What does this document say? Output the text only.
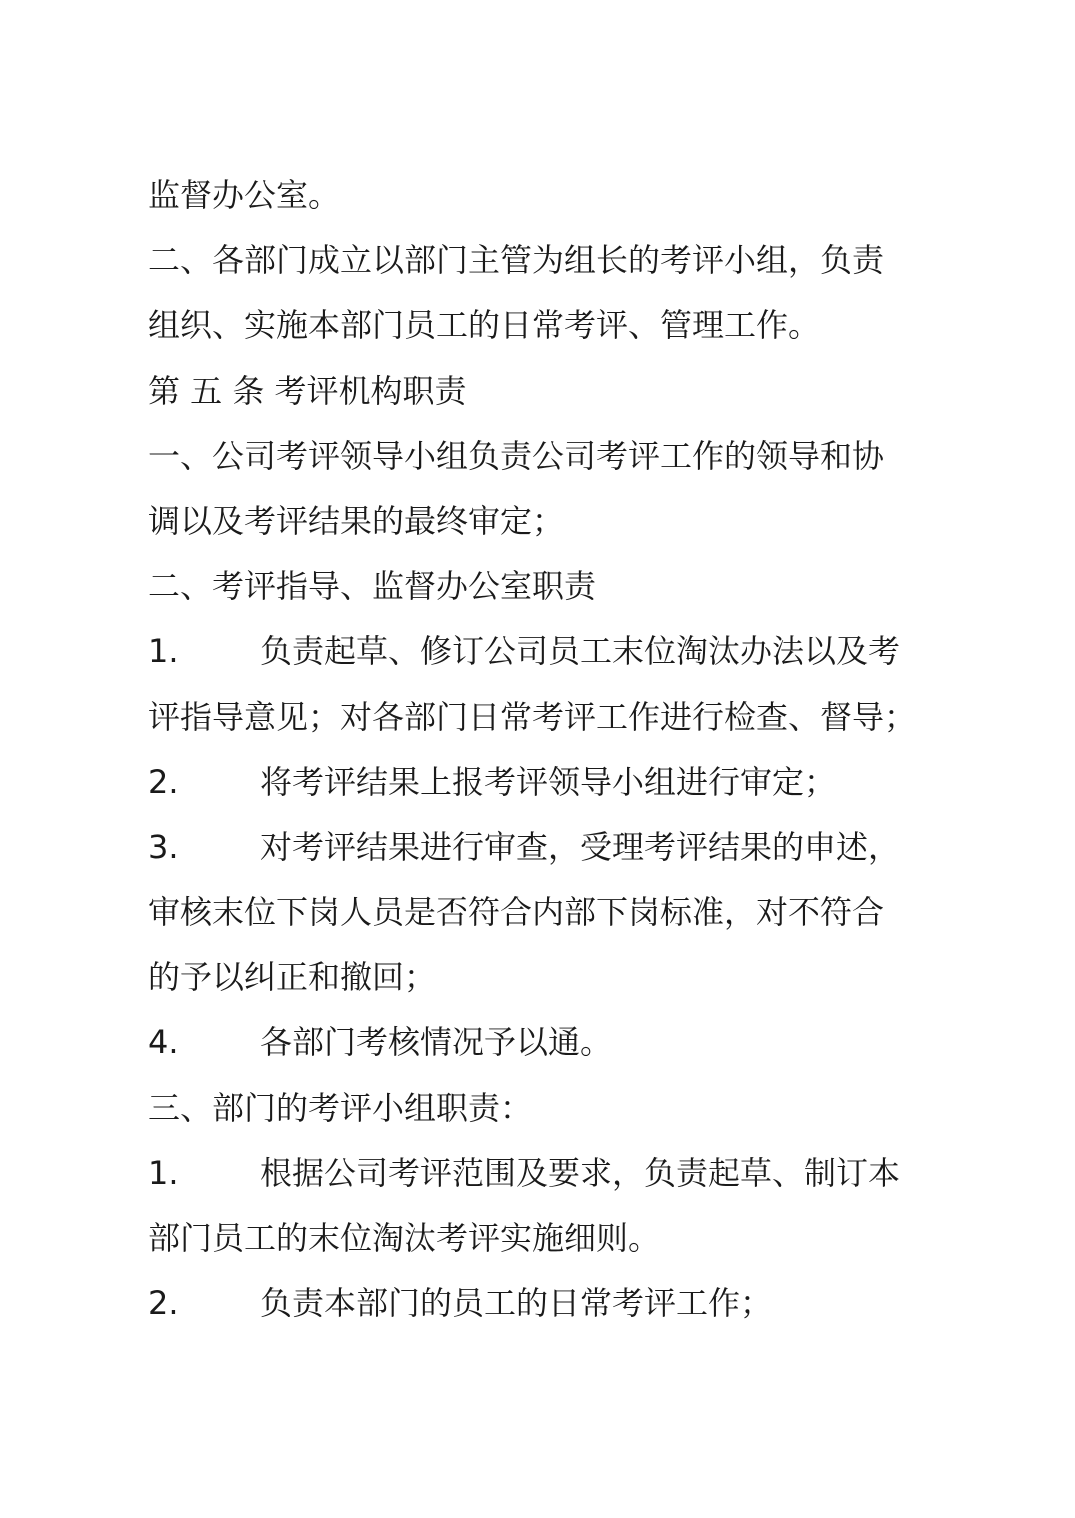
监督办公室。
二、各部门成立以部门主管为组长的考评小组，负责
组织、实施本部门员工的日常考评、管理工作。
第 五 条 考评机构职责
一、公司考评领导小组负责公司考评工作的领导和协
调以及考评结果的最终审定；
二、考评指导、监督办公室职责
1.	负责起草、修订公司员工末位淘汰办法以及考
评指导意见；对各部门日常考评工作进行检查、督导；
2.	将考评结果上报考评领导小组进行审定；
3.	对考评结果进行审查，受理考评结果的申述，
审核末位下岗人员是否符合内部下岗标准，对不符合
的予以纠正和撤回；
4.	各部门考核情况予以通。
三、部门的考评小组职责：
1.	根据公司考评范围及要求，负责起草、制订本
部门员工的末位淘汰考评实施细则。
2.	负责本部门的员工的日常考评工作；
